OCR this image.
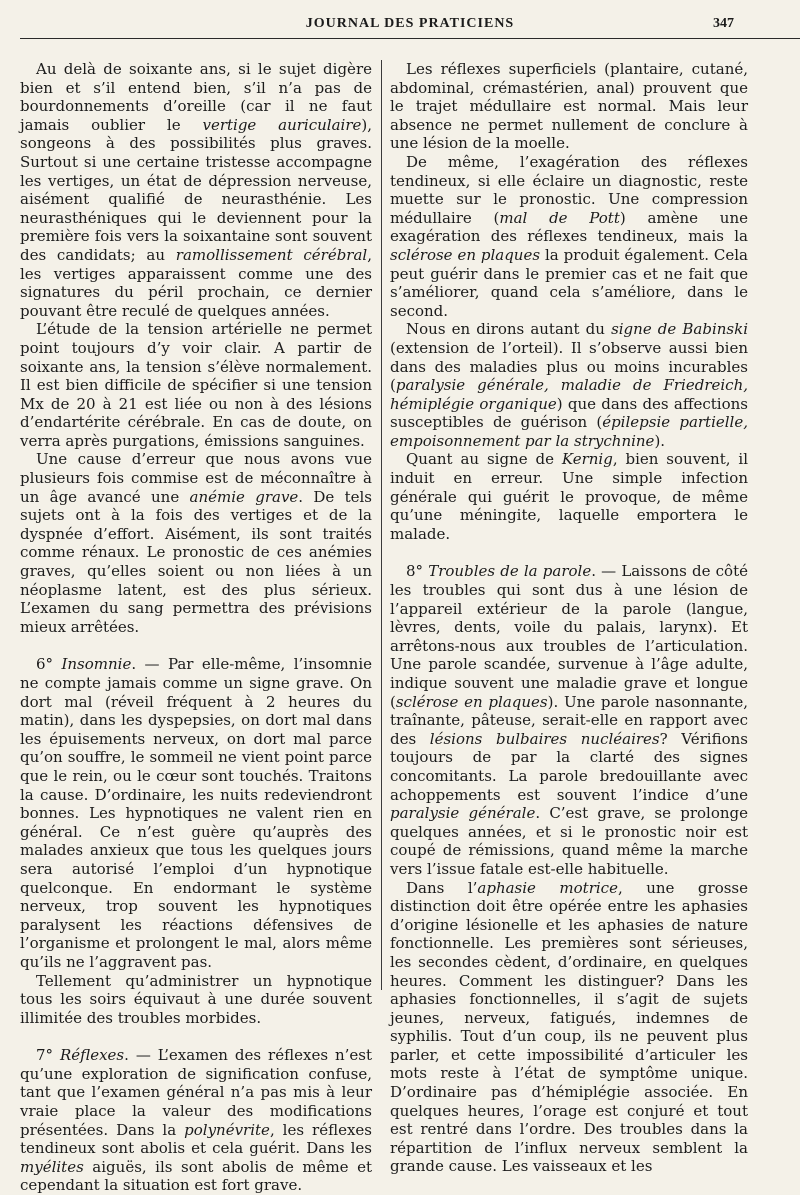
JOURNAL DES PRATICIENS	347

Au delà de soixante ans, si le sujet digère bien et s’il entend bien, s’il n’a pas de bourdonnements d’oreille (car il ne faut jamais oublier le vertige auriculaire), songeons à des possibilités plus graves. Surtout si une certaine tristesse accompagne les vertiges, un état de dépression nerveuse, aisément qualifié de neurasthénie. Les neurasthéniques qui le deviennent pour la première fois vers la soixantaine sont souvent des candidats; au ramollissement cérébral, les vertiges apparaissent comme une des signatures du péril prochain, ce dernier pouvant être reculé de quelques années.

L’étude de la tension artérielle ne permet point toujours d’y voir clair. A partir de soixante ans, la tension s’élève normalement. Il est bien difficile de spécifier si une tension Mx de 20 à 21 est liée ou non à des lésions d’endartérite cérébrale. En cas de doute, on verra après purgations, émissions sanguines.

Une cause d’erreur que nous avons vue plusieurs fois commise est de méconnaître à un âge avancé une anémie grave. De tels sujets ont à la fois des vertiges et de la dyspnée d’effort. Aisément, ils sont traités comme rénaux. Le pronostic de ces anémies graves, qu’elles soient ou non liées à un néoplasme latent, est des plus sérieux. L’examen du sang permettra des prévisions mieux arrêtées.

6° Insomnie. — Par elle-même, l’insomnie ne compte jamais comme un signe grave. On dort mal (réveil fréquent à 2 heures du matin), dans les dyspepsies, on dort mal dans les épuisements nerveux, on dort mal parce qu’on souffre, le sommeil ne vient point parce que le rein, ou le cœur sont touchés. Traitons la cause. D’ordinaire, les nuits redeviendront bonnes. Les hypnotiques ne valent rien en général. Ce n’est guère qu’auprès des malades anxieux que tous les quelques jours sera autorisé l’emploi d’un hypnotique quelconque. En endormant le système nerveux, trop souvent les hypnotiques paralysent les réactions défensives de l’organisme et prolongent le mal, alors même qu’ils ne l’aggravent pas.

Tellement qu’administrer un hypnotique tous les soirs équivaut à une durée souvent illimitée des troubles morbides.

7° Réflexes. — L’examen des réflexes n’est qu’une exploration de signification confuse, tant que l’examen général n’a pas mis à leur vraie place la valeur des modifications présentées. Dans la polynévrite, les réflexes tendineux sont abolis et cela guérit. Dans les myélites aiguës, ils sont abolis de même et cependant la situation est fort grave.

Les réflexes superficiels (plantaire, cutané, abdominal, crémastérien, anal) prouvent que le trajet médullaire est normal. Mais leur absence ne permet nullement de conclure à une lésion de la moelle.

De même, l’exagération des réflexes tendineux, si elle éclaire un diagnostic, reste muette sur le pronostic. Une compression médullaire (mal de Pott) amène une exagération des réflexes tendineux, mais la sclérose en plaques la produit également. Cela peut guérir dans le premier cas et ne fait que s’améliorer, quand cela s’améliore, dans le second.

Nous en dirons autant du signe de Babinski (extension de l’orteil). Il s’observe aussi bien dans des maladies plus ou moins incurables (paralysie générale, maladie de Friedreich, hémiplégie organique) que dans des affections susceptibles de guérison (épilepsie partielle, empoisonnement par la strychnine).

Quant au signe de Kernig, bien souvent, il induit en erreur. Une simple infection générale qui guérit le provoque, de même qu’une méningite, laquelle emportera le malade.

8° Troubles de la parole. — Laissons de côté les troubles qui sont dus à une lésion de l’appareil extérieur de la parole (langue, lèvres, dents, voile du palais, larynx). Et arrêtons-nous aux troubles de l’articulation. Une parole scandée, survenue à l’âge adulte, indique souvent une maladie grave et longue (sclérose en plaques). Une parole nasonnante, traînante, pâteuse, serait-elle en rapport avec des lésions bulbaires nucléaires? Vérifions toujours de par la clarté des signes concomitants. La parole bredouillante avec achoppements est souvent l’indice d’une paralysie générale. C’est grave, se prolonge quelques années, et si le pronostic noir est coupé de rémissions, quand même la marche vers l’issue fatale est-elle habituelle.

Dans l’aphasie motrice, une grosse distinction doit être opérée entre les aphasies d’origine lésionelle et les aphasies de nature fonctionnelle. Les premières sont sérieuses, les secondes cèdent, d’ordinaire, en quelques heures. Comment les distinguer? Dans les aphasies fonctionnelles, il s’agit de sujets jeunes, nerveux, fatigués, indemnes de syphilis. Tout d’un coup, ils ne peuvent plus parler, et cette impossibilité d’articuler les mots reste à l’état de symptôme unique. D’ordinaire pas d’hémiplégie associée. En quelques heures, l’orage est conjuré et tout est rentré dans l’ordre. Des troubles dans la répartition de l’influx nerveux semblent la grande cause. Les vaisseaux et les
